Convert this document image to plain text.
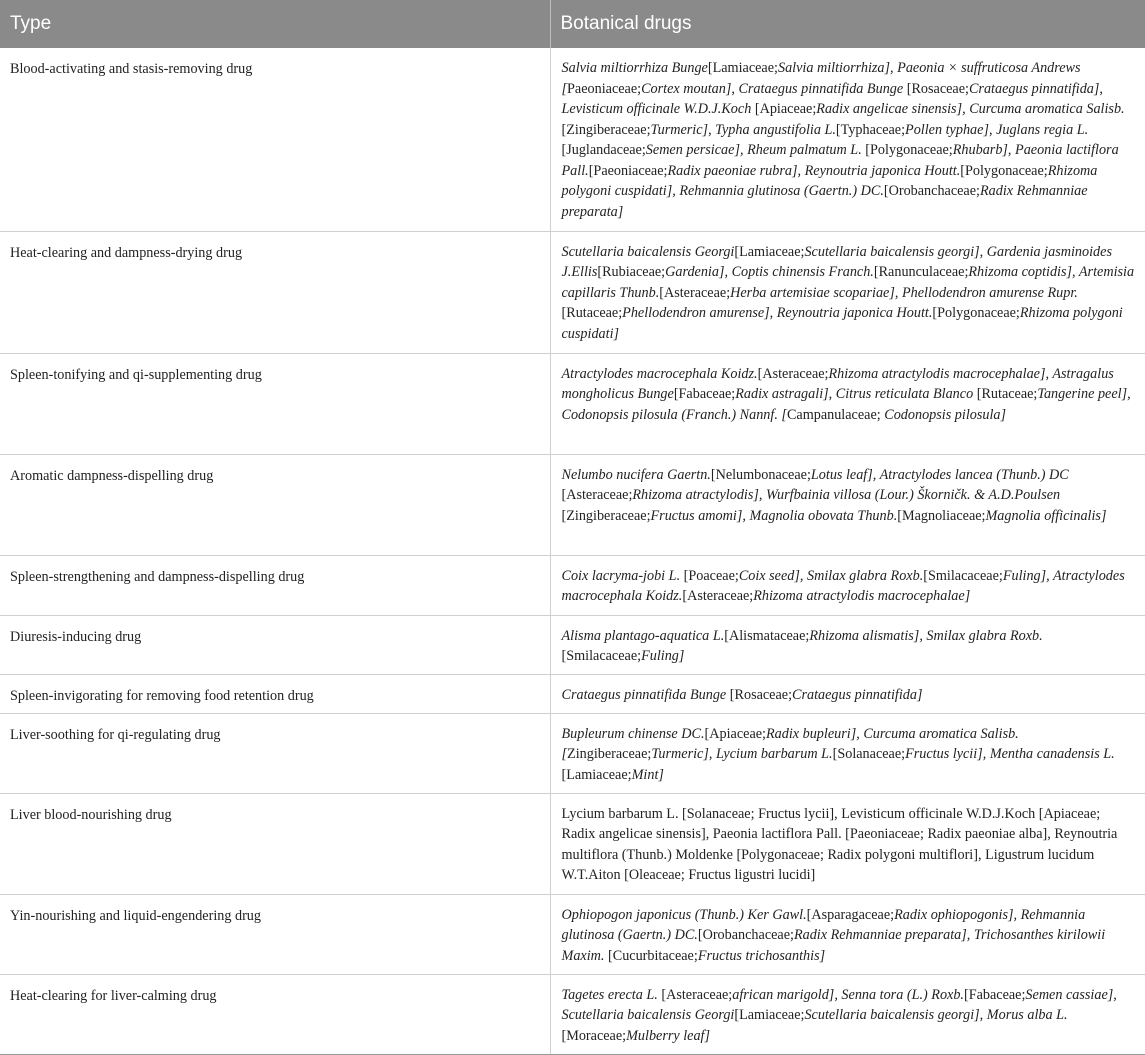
Type	Botanical drugs
Blood-activating and stasis-removing drug	Salvia miltiorrhiza Bunge[Lamiaceae;Salvia miltiorrhiza], Paeonia × suffruticosa Andrews [Paeoniaceae;Cortex moutan], Crataegus pinnatifida Bunge [Rosaceae;Crataegus pinnatifida], Levisticum officinale W.D.J.Koch [Apiaceae;Radix angelicae sinensis], Curcuma aromatica Salisb. [Zingiberaceae;Turmeric], Typha angustifolia L.[Typhaceae;Pollen typhae], Juglans regia L.[Juglandaceae;Semen persicae], Rheum palmatum L. [Polygonaceae;Rhubarb], Paeonia lactiflora Pall.[Paeoniaceae;Radix paeoniae rubra], Reynoutria japonica Houtt.[Polygonaceae;Rhizoma polygoni cuspidati], Rehmannia glutinosa (Gaertn.) DC.[Orobanchaceae;Radix Rehmanniae preparata]
Heat-clearing and dampness-drying drug	Scutellaria baicalensis Georgi[Lamiaceae;Scutellaria baicalensis georgi], Gardenia jasminoides J.Ellis[Rubiaceae;Gardenia], Coptis chinensis Franch.[Ranunculaceae;Rhizoma coptidis], Artemisia capillaris Thunb.[Asteraceae;Herba artemisiae scopariae], Phellodendron amurense Rupr.[Rutaceae;Phellodendron amurense], Reynoutria japonica Houtt.[Polygonaceae;Rhizoma polygoni cuspidati]
Spleen-tonifying and qi-supplementing drug	Atractylodes macrocephala Koidz.[Asteraceae;Rhizoma atractylodis macrocephalae], Astragalus mongholicus Bunge[Fabaceae;Radix astragali], Citrus reticulata Blanco [Rutaceae;Tangerine peel], Codonopsis pilosula (Franch.) Nannf. [Campanulaceae; Codonopsis pilosula]
Aromatic dampness-dispelling drug	Nelumbo nucifera Gaertn.[Nelumbonaceae;Lotus leaf], Atractylodes lancea (Thunb.) DC [Asteraceae;Rhizoma atractylodis], Wurfbainia villosa (Lour.) Škorničk. & A.D.Poulsen [Zingiberaceae;Fructus amomi], Magnolia obovata Thunb.[Magnoliaceae;Magnolia officinalis]
Spleen-strengthening and dampness-dispelling drug	Coix lacryma-jobi L. [Poaceae;Coix seed], Smilax glabra Roxb.[Smilacaceae;Fuling], Atractylodes macrocephala Koidz.[Asteraceae;Rhizoma atractylodis macrocephalae]
Diuresis-inducing drug	Alisma plantago-aquatica L.[Alismataceae;Rhizoma alismatis], Smilax glabra Roxb.[Smilacaceae;Fuling]
Spleen-invigorating for removing food retention drug	Crataegus pinnatifida Bunge [Rosaceae;Crataegus pinnatifida]
Liver-soothing for qi-regulating drug	Bupleurum chinense DC.[Apiaceae;Radix bupleuri], Curcuma aromatica Salisb. [Zingiberaceae;Turmeric], Lycium barbarum L.[Solanaceae;Fructus lycii], Mentha canadensis L.[Lamiaceae;Mint]
Liver blood-nourishing drug	Lycium barbarum L. [Solanaceae; Fructus lycii], Levisticum officinale W.D.J.Koch [Apiaceae; Radix angelicae sinensis], Paeonia lactiflora Pall. [Paeoniaceae; Radix paeoniae alba], Reynoutria multiflora (Thunb.) Moldenke [Polygonaceae; Radix polygoni multiflori], Ligustrum lucidum W.T.Aiton [Oleaceae; Fructus ligustri lucidi]
Yin-nourishing and liquid-engendering drug	Ophiopogon japonicus (Thunb.) Ker Gawl.[Asparagaceae;Radix ophiopogonis], Rehmannia glutinosa (Gaertn.) DC.[Orobanchaceae;Radix Rehmanniae preparata], Trichosanthes kirilowii Maxim. [Cucurbitaceae;Fructus trichosanthis]
Heat-clearing for liver-calming drug	Tagetes erecta L. [Asteraceae;african marigold], Senna tora (L.) Roxb.[Fabaceae;Semen cassiae], Scutellaria baicalensis Georgi[Lamiaceae;Scutellaria baicalensis georgi], Morus alba L.[Moraceae;Mulberry leaf]
